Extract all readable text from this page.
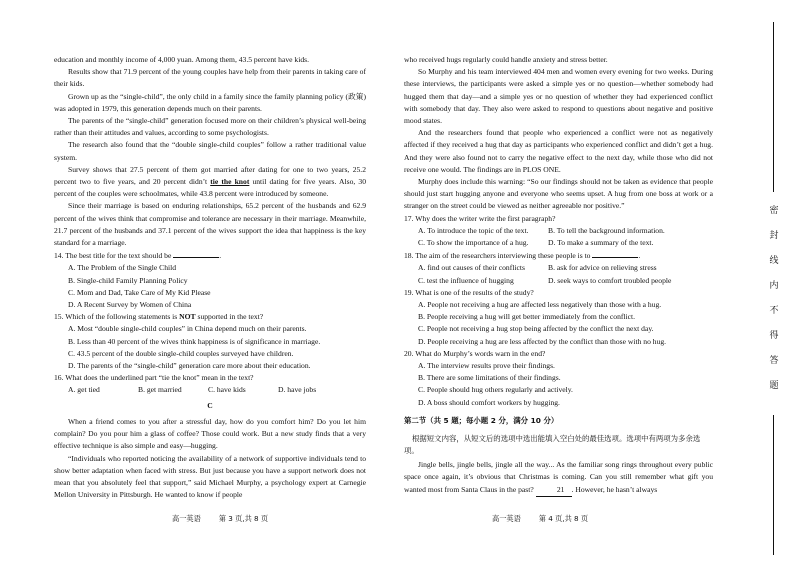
education and monthly income of 4,000 yuan. Among them, 43.5 percent have kids.

Results show that 71.9 percent of the young couples have help from their parents in taking care of their kids.

Grown up as the “single-child”, the only child in a family since the family planning policy (政策) was adopted in 1979, this generation depends much on their parents.

The parents of the “single-child” generation focused more on their children’s physical well-being rather than their attitudes and values, according to some psychologists.

The research also found that the “double single-child couples” follow a rather traditional value system.

Survey shows that 27.5 percent of them got married after dating for one to two years, 25.2 percent two to five years, and 20 percent didn’t tie the knot until dating for five years. Also, 30 percent of the couples were schoolmates, while 43.8 percent were introduced by someone.

Since their marriage is based on enduring relationships, 65.2 percent of the husbands and 62.9 percent of the wives think that compromise and tolerance are necessary in their marriage. Meanwhile, 21.7 percent of the husbands and 37.1 percent of the wives support the idea that happiness is the key standard for a marriage.

14. The best title for the text should be	.

A. The Problem of the Single Child

B. Single-child Family Planning Policy

C. Mom and Dad, Take Care of My Kid Please

D. A Recent Survey by Women of China

15. Which of the following statements is NOT supported in the text?

A. Most “double single-child couples” in China depend much on their parents.

B. Less than 40 percent of the wives think happiness is of significance in marriage.

C. 43.5 percent of the double single-child couples surveyed have children.

D. The parents of the “single-child” generation care more about their education.

16. What does the underlined part “tie the knot” mean in the text?

A. get tied	B. get married	C. have kids	D. have jobs
C

When a friend comes to you after a stressful day, how do you comfort him? Do you let him complain? Do you pour him a glass of coffee? Those could work. But a new study finds that a very effective technique is also simple and easy—hugging.

“Individuals who reported noticing the availability of a network of supportive individuals tend to show better adaptation when faced with stress. But just because you have a support network does not mean that you absolutely feel that support,” said Michael Murphy, a psychology expert at Carnegie Mellon University in Pittsburgh. He wanted to know if people

who received hugs regularly could handle anxiety and stress better.

So Murphy and his team interviewed 404 men and women every evening for two weeks. During these interviews, the participants were asked a simple yes or no question—whether somebody had hugged them that day—and a simple yes or no question of whether they had experienced conflict with somebody that day. They also were asked to respond to questions about negative and positive mood states.

And the researchers found that people who experienced a conflict were not as negatively affected if they received a hug that day as participants who experienced conflict and didn’t get a hug. And they were also found not to carry the negative effect to the next day, while those who did not receive one would. The findings are in PLOS ONE.

Murphy does include this warning: “So our findings should not be taken as evidence that people should just start hugging anyone and everyone who seems upset. A hug from one boss at work or a stranger on the street could be viewed as neither agreeable nor positive.”

17. Why does the writer write the first paragraph?

A. To introduce the topic of the text.	B. To tell the background information.
C. To show the importance of a hug.	D. To make a summary of the text.

18. The aim of the researchers interviewing these people is to	.

A. find out causes of their conflicts	B. ask for advice on relieving stress
C. test the influence of hugging	D. seek ways to comfort troubled people

19. What is one of the results of the study?

A. People not receiving a hug are affected less negatively than those with a hug.

B. People receiving a hug will get better immediately from the conflict.

C. People not receiving a hug stop being affected by the conflict the next day.

D. People receiving a hug are less affected by the conflict than those with no hug.

20. What do Murphy’s words warn in the end?

A. The interview results prove their findings.

B. There are some limitations of their findings.

C. People should hug others regularly and actively.

D. A boss should comfort workers by hugging.

第二节（共 5 题；每小题 2 分，满分 10 分）
根据短文内容，从短文后的选项中选出能填入空白处的最佳选项。选项中有两项为多余选项。

Jingle bells, jingle bells, jingle all the way... As the familiar song rings throughout every public space once again, it’s obvious that Christmas is coming. Can you still remember what gift you wanted most from Santa Claus in the past?	21 . However, he hasn’t always

高一英语	第 3 页,共 8 页	高一英语	第 4 页,共 8 页
密
封
线
内
不
得
答
题
